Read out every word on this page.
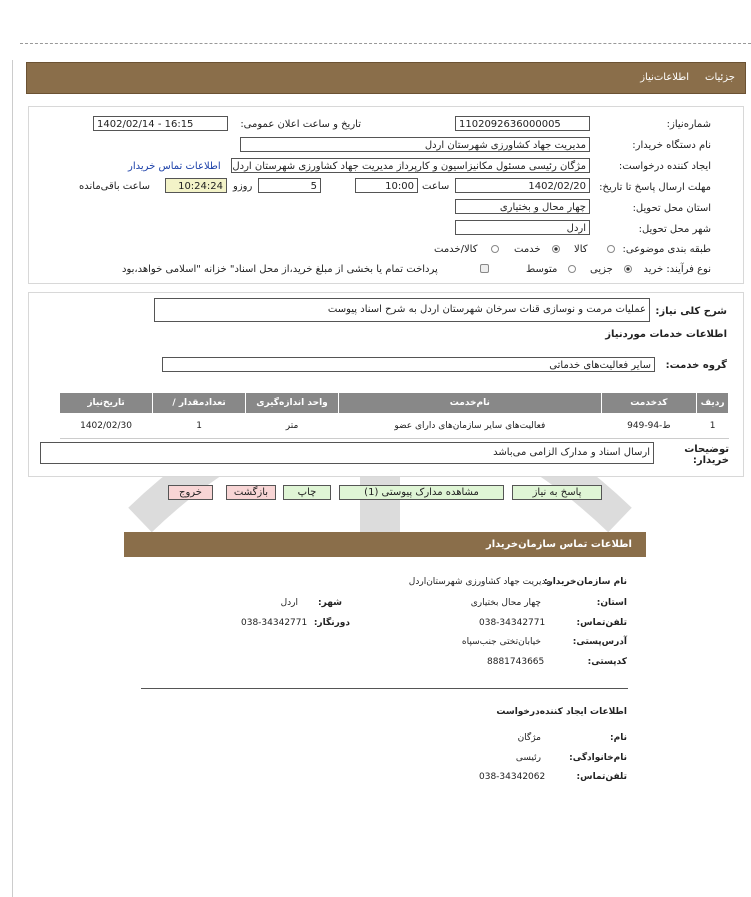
جزئیات
اطلاعات‌نیاز
شماره‌نیاز:
1102092636000005
تاریخ و ساعت اعلان عمومی:
1402/02/14 - 16:15
نام دستگاه خریدار:
مدیریت جهاد کشاورزی شهرستان اردل
ایجاد کننده درخواست:
مژگان رئیسی مسئول مکانیزاسیون و کارپرداز مدیریت جهاد کشاورزی شهرستان اردل
اطلاعات تماس خریدار
مهلت ارسال پاسخ تا تاریخ:
1402/02/20
ساعت
10:00
5
روزو
10:24:24
ساعت باقی‌مانده
استان محل تحویل:
چهار محال و بختیاری
شهر محل تحویل:
اردل
طبقه بندی موضوعی:
کالا
خدمت
کالا/خدمت
نوع فرآیند: خرید
جزیی
متوسط
پرداخت تمام یا بخشی از مبلغ خرید،از محل اسناد" خزانه "اسلامی خواهد،بود
شرح کلی نیاز:
عملیات مرمت و نوسازی قنات سرخان شهرستان اردل به شرح اسناد پیوست
اطلاعات خدمات موردنیاز
گروه خدمت:
سایر فعالیت‌های خدماتی
تاریخ‌نیاز	/ تعدادمقدار	واحد اندازه‌گیری	نام‌خدمت	کدخدمت	ردیف
1402/02/30	1	متر	فعالیت‌های سایر سازمان‌های دارای عضو	ط-94-949	1
توضیحات خریدار:
ارسال اسناد و مدارک الزامی می‌باشد
پاسخ به نیاز
مشاهده مدارک پیوستی (1)
چاپ
بازگشت
خروج
اطلاعات تماس سازمان‌خریدار
نام سازمان‌خریدار:
مدیریت جهاد کشاورزی شهرستان‌اردل
استان:
چهار محال بختیاری
شهر:
اردل
تلفن‌تماس:
038-34342771
دورنگار:
038-34342771
آدرس‌پستی:
خیابان‌تختی جنب‌سپاه
کدپستی:
8881743665
اطلاعات ایجاد کننده‌درخواست
نام:
مژگان
نام‌خانوادگی:
رئیسی
تلفن‌تماس:
038-34342062
